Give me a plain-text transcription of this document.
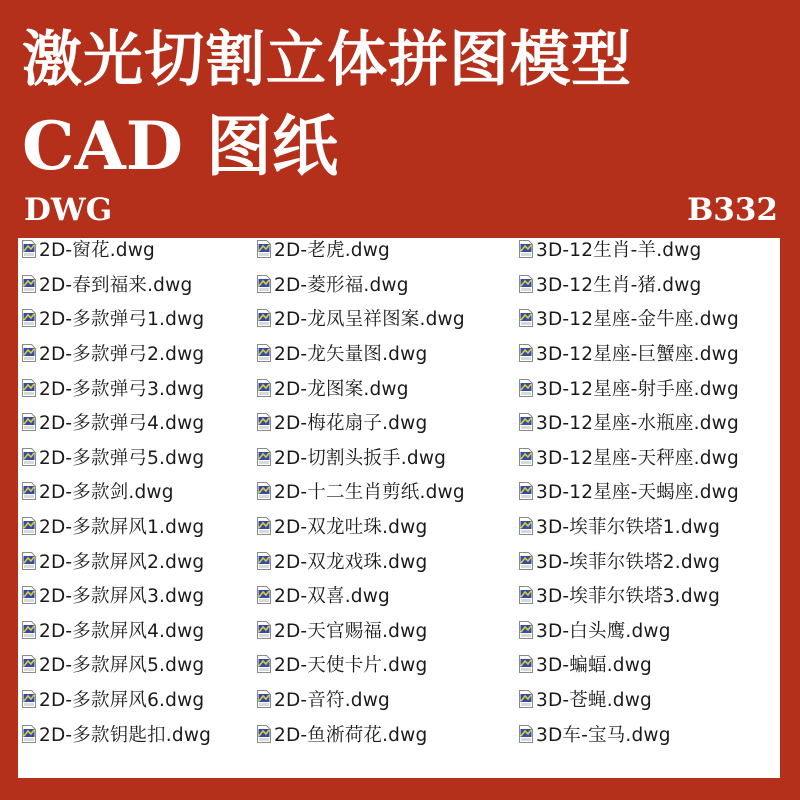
激光切割立体拼图模型
CAD 图纸
DWG	B332
2D-窗花.dwg
2D-春到福来.dwg
2D-多款弹弓1.dwg
2D-多款弹弓2.dwg
2D-多款弹弓3.dwg
2D-多款弹弓4.dwg
2D-多款弹弓5.dwg
2D-多款剑.dwg
2D-多款屏风1.dwg
2D-多款屏风2.dwg
2D-多款屏风3.dwg
2D-多款屏风4.dwg
2D-多款屏风5.dwg
2D-多款屏风6.dwg
2D-多款钥匙扣.dwg
2D-老虎.dwg
2D-菱形福.dwg
2D-龙凤呈祥图案.dwg
2D-龙矢量图.dwg
2D-龙图案.dwg
2D-梅花扇子.dwg
2D-切割头扳手.dwg
2D-十二生肖剪纸.dwg
2D-双龙吐珠.dwg
2D-双龙戏珠.dwg
2D-双喜.dwg
2D-天官赐福.dwg
2D-天使卡片.dwg
2D-音符.dwg
2D-鱼淅荷花.dwg
3D-12生肖-羊.dwg
3D-12生肖-猪.dwg
3D-12星座-金牛座.dwg
3D-12星座-巨蟹座.dwg
3D-12星座-射手座.dwg
3D-12星座-水瓶座.dwg
3D-12星座-天秤座.dwg
3D-12星座-天蝎座.dwg
3D-埃菲尔铁塔1.dwg
3D-埃菲尔铁塔2.dwg
3D-埃菲尔铁塔3.dwg
3D-白头鹰.dwg
3D-蝙蝠.dwg
3D-苍蝇.dwg
3D车-宝马.dwg
